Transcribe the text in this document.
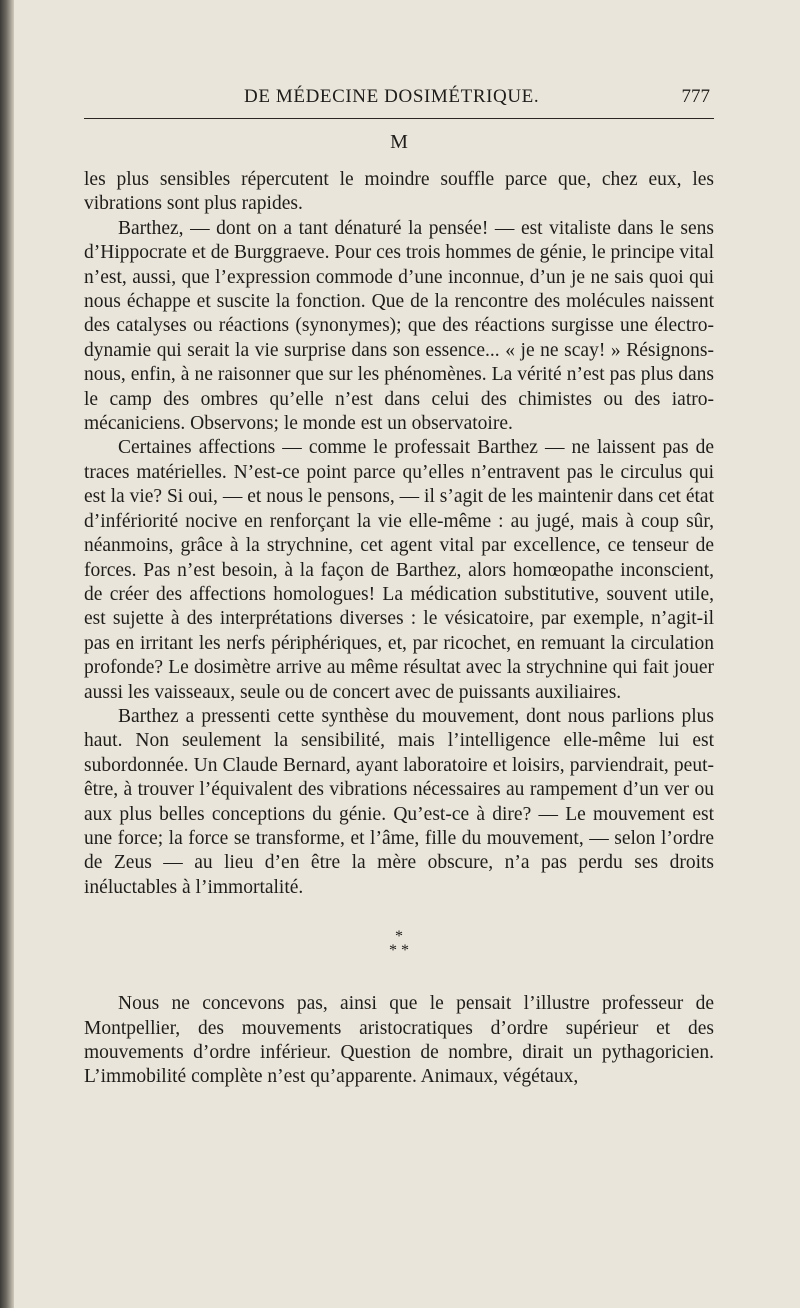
DE MÉDECINE DOSIMÉTRIQUE.	777
M

les plus sensibles répercutent le moindre souffle parce que, chez eux, les vibrations sont plus rapides.

Barthez, — dont on a tant dénaturé la pensée! — est vitaliste dans le sens d’Hippocrate et de Burggraeve. Pour ces trois hommes de génie, le principe vital n’est, aussi, que l’expression commode d’une inconnue, d’un je ne sais quoi qui nous échappe et suscite la fonction. Que de la rencontre des molécules naissent des catalyses ou réactions (synonymes); que des réactions surgisse une électro-dynamie qui serait la vie surprise dans son essence... « je ne scay! » Résignons-nous, enfin, à ne raisonner que sur les phénomènes. La vérité n’est pas plus dans le camp des ombres qu’elle n’est dans celui des chimistes ou des iatro-mécaniciens. Observons; le monde est un observatoire.

Certaines affections — comme le professait Barthez — ne laissent pas de traces matérielles. N’est-ce point parce qu’elles n’entravent pas le circulus qui est la vie? Si oui, — et nous le pensons, — il s’agit de les maintenir dans cet état d’infériorité nocive en renforçant la vie elle-même : au jugé, mais à coup sûr, néanmoins, grâce à la strychnine, cet agent vital par excellence, ce tenseur de forces. Pas n’est besoin, à la façon de Barthez, alors homœopathe inconscient, de créer des affections homologues! La médication substitutive, souvent utile, est sujette à des interprétations diverses : le vésicatoire, par exemple, n’agit-il pas en irritant les nerfs périphériques, et, par ricochet, en remuant la circulation profonde? Le dosimètre arrive au même résultat avec la strychnine qui fait jouer aussi les vaisseaux, seule ou de concert avec de puissants auxiliaires.

Barthez a pressenti cette synthèse du mouvement, dont nous parlions plus haut. Non seulement la sensibilité, mais l’intelligence elle-même lui est subordonnée. Un Claude Bernard, ayant laboratoire et loisirs, parviendrait, peut-être, à trouver l’équivalent des vibrations nécessaires au rampement d’un ver ou aux plus belles conceptions du génie. Qu’est-ce à dire? — Le mouvement est une force; la force se transforme, et l’âme, fille du mouvement, — selon l’ordre de Zeus — au lieu d’en être la mère obscure, n’a pas perdu ses droits inéluctables à l’immortalité.

*
* *

Nous ne concevons pas, ainsi que le pensait l’illustre professeur de Montpellier, des mouvements aristocratiques d’ordre supérieur et des mouvements d’ordre inférieur. Question de nombre, dirait un pythagoricien. L’immobilité complète n’est qu’apparente. Animaux, végétaux,
